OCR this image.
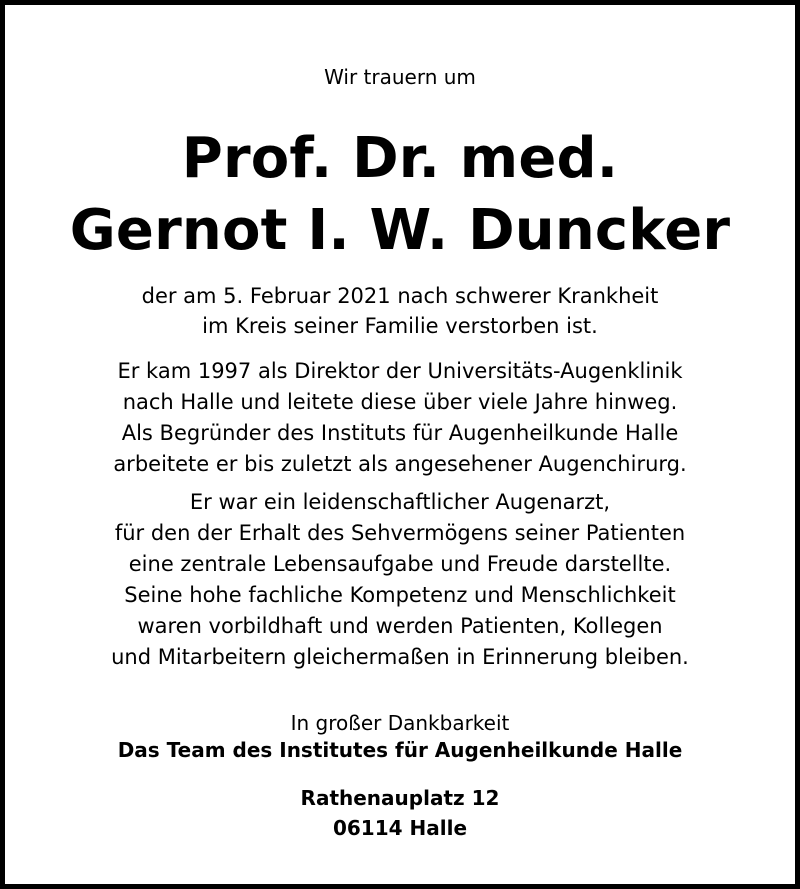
Wir trauern um
Prof. Dr. med.
Gernot I. W. Duncker
der am 5. Februar 2021 nach schwerer Krankheit
im Kreis seiner Familie verstorben ist.
Er kam 1997 als Direktor der Universitäts-Augenklinik
nach Halle und leitete diese über viele Jahre hinweg.
Als Begründer des Instituts für Augenheilkunde Halle
arbeitete er bis zuletzt als angesehener Augenchirurg.
Er war ein leidenschaftlicher Augenarzt,
für den der Erhalt des Sehvermögens seiner Patienten
eine zentrale Lebensaufgabe und Freude darstellte.
Seine hohe fachliche Kompetenz und Menschlichkeit
waren vorbildhaft und werden Patienten, Kollegen
und Mitarbeitern gleichermaßen in Erinnerung bleiben.
In großer Dankbarkeit
Das Team des Institutes für Augenheilkunde Halle
Rathenauplatz 12
06114 Halle
